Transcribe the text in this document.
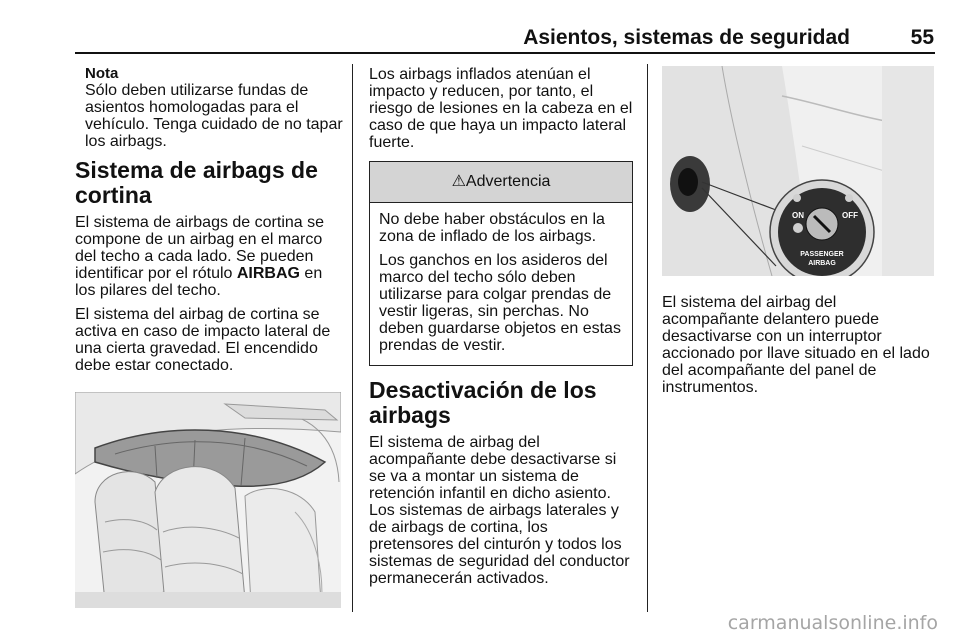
Asientos, sistemas de seguridad	55
Nota
Sólo deben utilizarse fundas de asientos homologadas para el vehículo. Tenga cuidado de no tapar los airbags.
Sistema de airbags de cortina

El sistema de airbags de cortina se compone de un airbag en el marco del techo a cada lado. Se pueden identificar por el rótulo AIRBAG en los pilares del techo.

El sistema del airbag de cortina se activa en caso de impacto lateral de una cierta gravedad. El encendido debe estar conectado.

Los airbags inflados atenúan el impacto y reducen, por tanto, el riesgo de lesiones en la cabeza en el caso de que haya un impacto lateral fuerte.

⚠Advertencia

No debe haber obstáculos en la zona de inflado de los airbags.

Los ganchos en los asideros del marco del techo sólo deben utilizarse para colgar prendas de vestir ligeras, sin perchas. No deben guardarse objetos en estas prendas de vestir.

Desactivación de los airbags

El sistema de airbag del acompañante debe desactivarse si se va a montar un sistema de retención infantil en dicho asiento. Los sistemas de airbags laterales y de airbags de cortina, los pretensores del cinturón y todos los sistemas de seguridad del conductor permanecerán activados.

ON	OFF
PASSENGER
AIRBAG

El sistema del airbag del acompañante delantero puede desactivarse con un interruptor accionado por llave situado en el lado del acompañante del panel de instrumentos.

carmanualsonline.info
